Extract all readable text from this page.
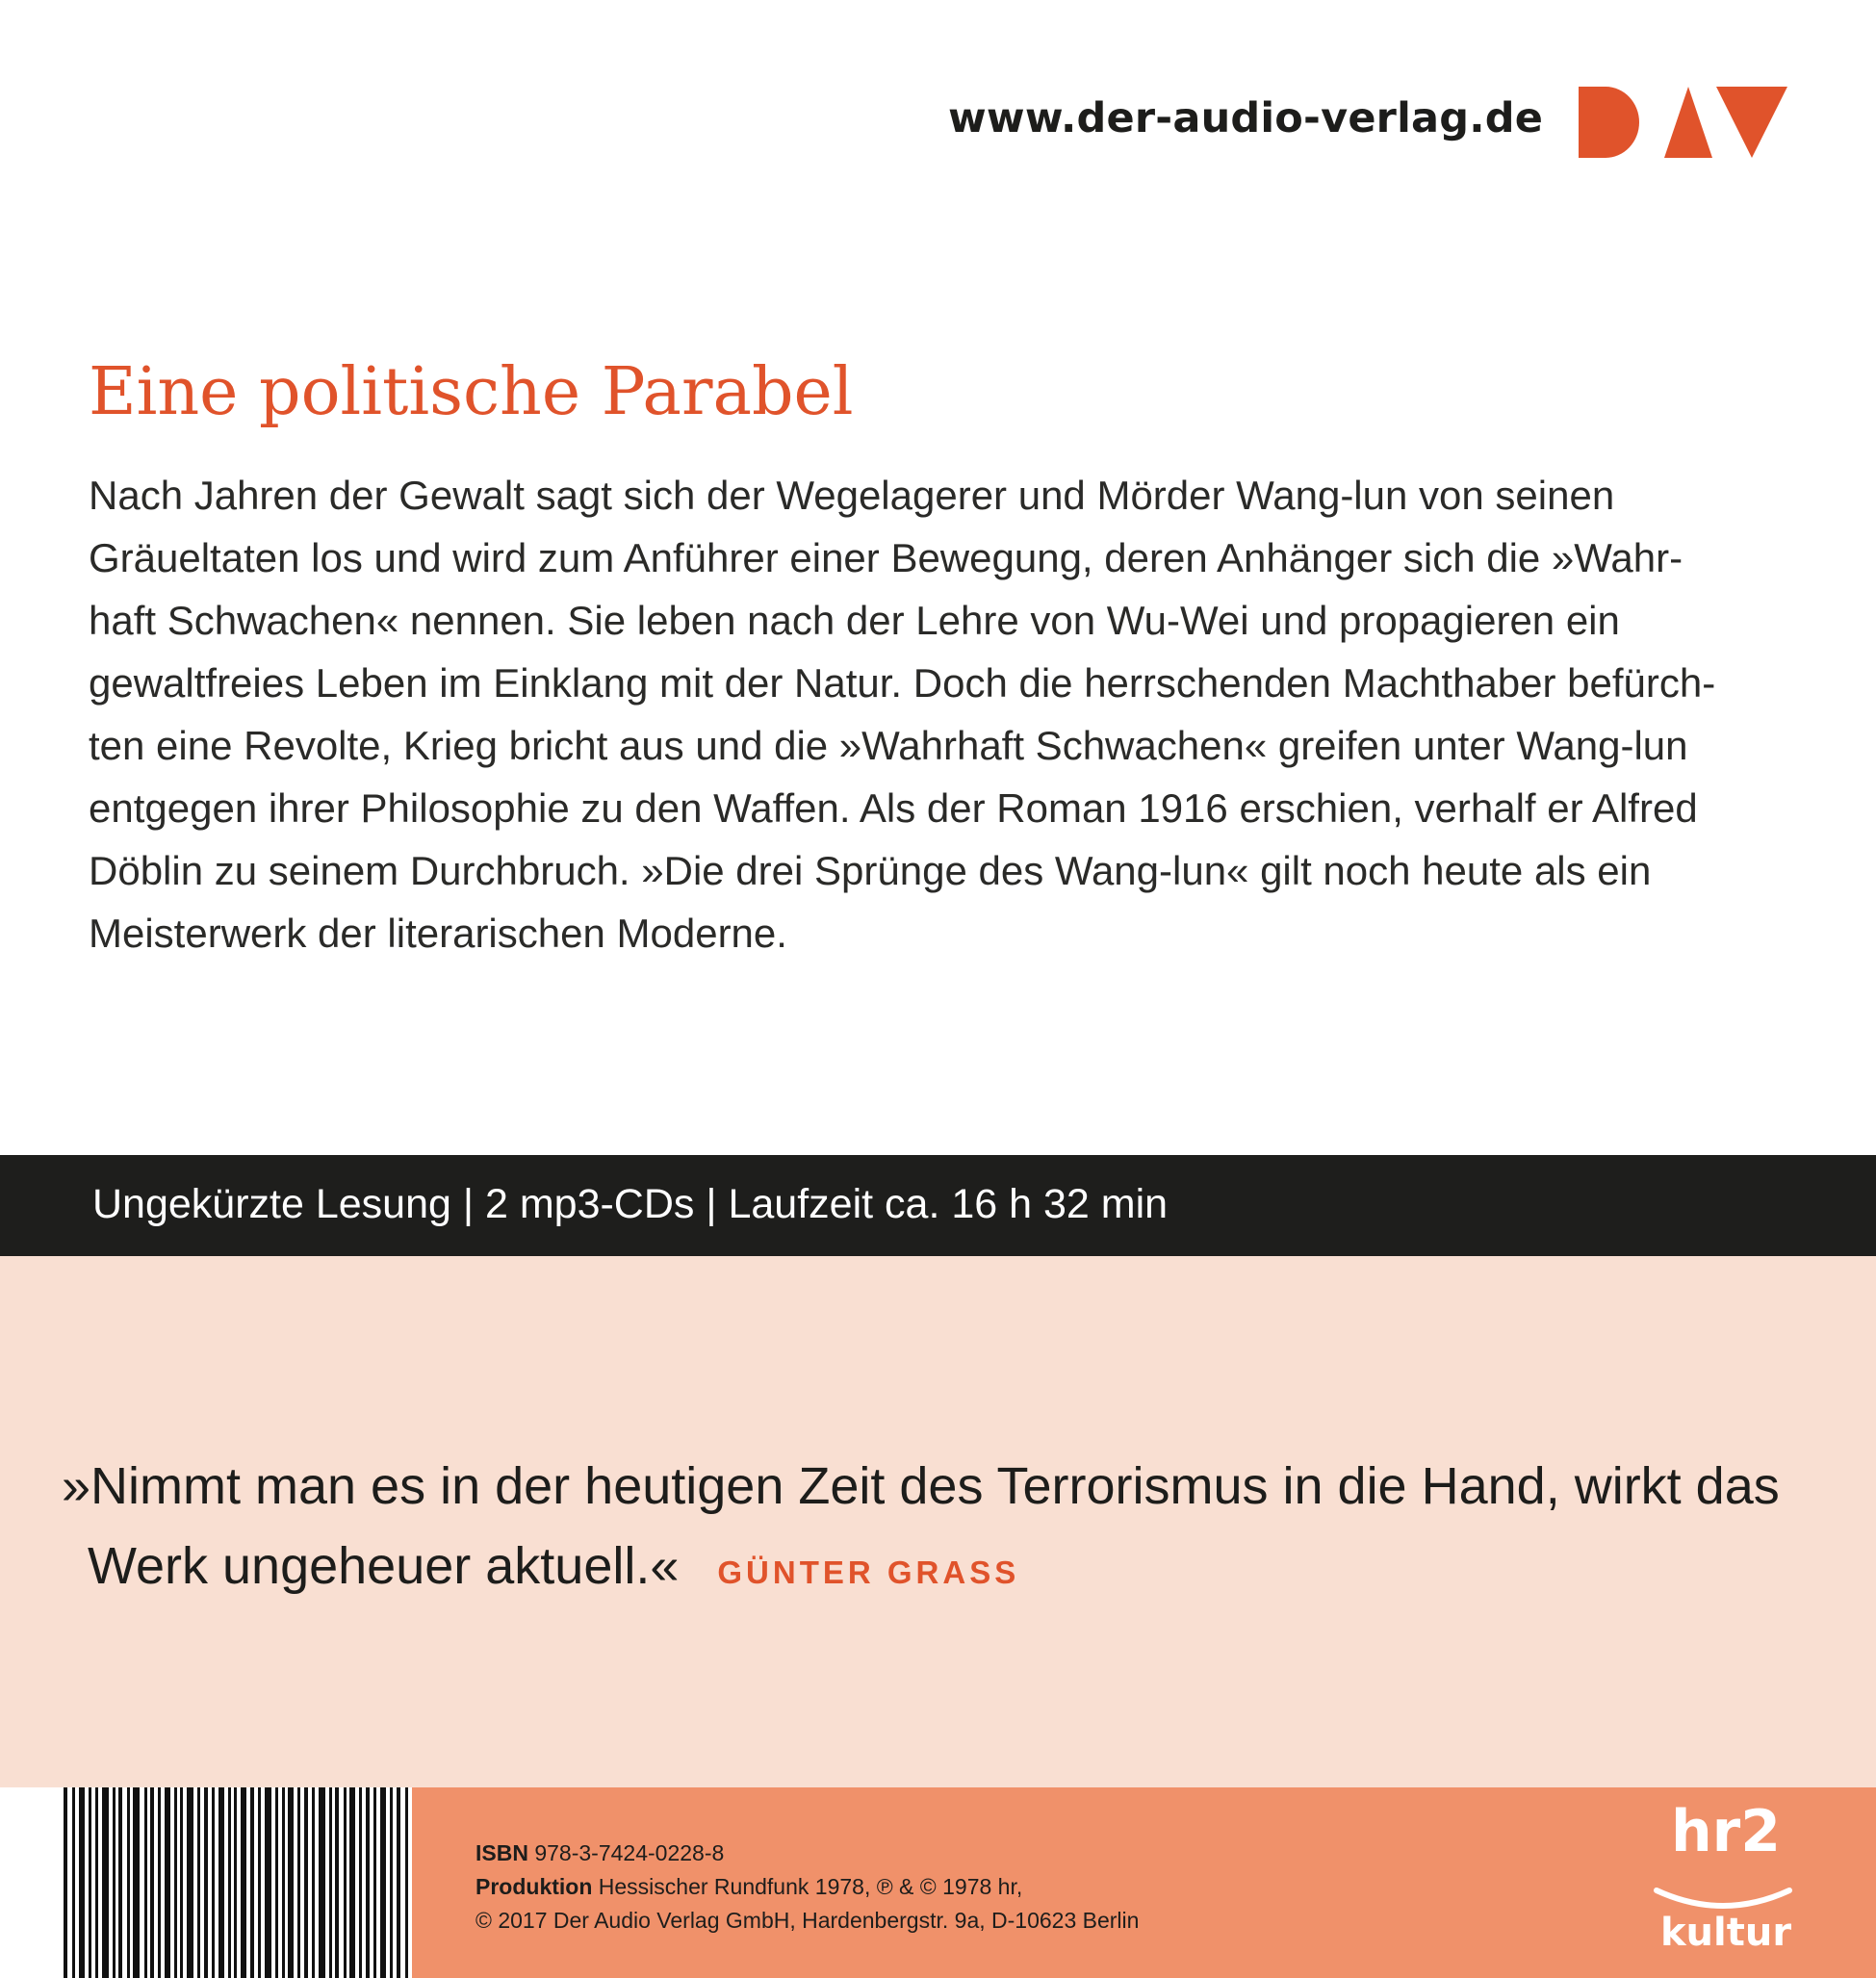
www.der-audio-verlag.de
Eine politische Parabel

Nach Jahren der Gewalt sagt sich der Wegelagerer und Mörder Wang-lun von seinen
Gräueltaten los und wird zum Anführer einer Bewegung, deren Anhänger sich die »Wahr-
haft Schwachen« nennen. Sie leben nach der Lehre von Wu-Wei und propagieren ein
gewaltfreies Leben im Einklang mit der Natur. Doch die herrschenden Machthaber befürch-
ten eine Revolte, Krieg bricht aus und die »Wahrhaft Schwachen« greifen unter Wang-lun
entgegen ihrer Philosophie zu den Waffen. Als der Roman 1916 erschien, verhalf er Alfred
Döblin zu seinem Durchbruch. »Die drei Sprünge des Wang-lun« gilt noch heute als ein
Meisterwerk der literarischen Moderne.

Ungekürzte Lesung | 2 mp3-CDs | Laufzeit ca. 16 h 32 min

»Nimmt man es in der heutigen Zeit des Terrorismus in die Hand, wirkt das
Werk ungeheuer aktuell.« GÜNTER GRASS

ISBN 978-3-7424-0228-8
Produktion Hessischer Rundfunk 1978, ℗ & © 1978 hr,
© 2017 Der Audio Verlag GmbH, Hardenbergstr. 9a, D-10623 Berlin
hr2
kultur
